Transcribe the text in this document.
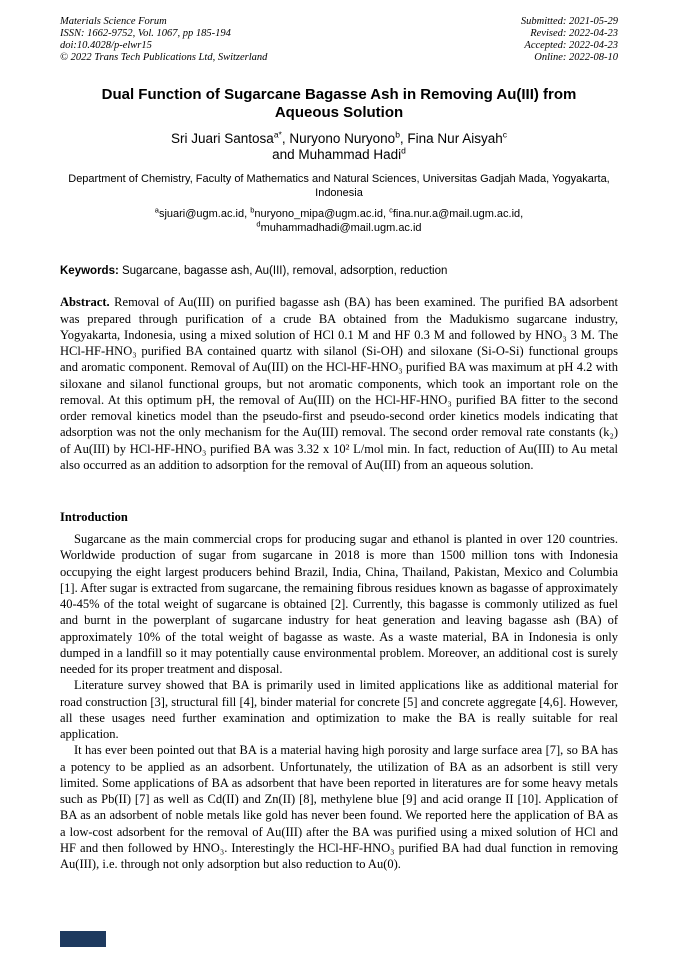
Materials Science Forum
ISSN: 1662-9752, Vol. 1067, pp 185-194
doi:10.4028/p-elwr15
© 2022 Trans Tech Publications Ltd, Switzerland
Submitted: 2021-05-29
Revised: 2022-04-23
Accepted: 2022-04-23
Online: 2022-08-10
Dual Function of Sugarcane Bagasse Ash in Removing Au(III) from Aqueous Solution
Sri Juari Santosa$^{a*}$, Nuryono Nuryono$^b$, Fina Nur Aisyah$^c$
and Muhammad Hadi$^d$
Department of Chemistry, Faculty of Mathematics and Natural Sciences, Universitas Gadjah Mada, Yogyakarta, Indonesia
$^a$sjuari@ugm.ac.id, $^b$nuryono_mipa@ugm.ac.id, $^c$fina.nur.a@mail.ugm.ac.id,
$^d$muhammadhadi@mail.ugm.ac.id
Keywords: Sugarcane, bagasse ash, Au(III), removal, adsorption, reduction

Abstract. Removal of Au(III) on purified bagasse ash (BA) has been examined. The purified BA adsorbent was prepared through purification of a crude BA obtained from the Madukismo sugarcane industry, Yogyakarta, Indonesia, using a mixed solution of HCl 0.1 M and HF 0.3 M and followed by HNO₃ 3 M. The HCl-HF-HNO₃ purified BA contained quartz with silanol (Si-OH) and siloxane (Si-O-Si) functional groups and aromatic component. Removal of Au(III) on the HCl-HF-HNO₃ purified BA was maximum at pH 4.2 with siloxane and silanol functional groups, but not aromatic components, which took an important role on the removal. At this optimum pH, the removal of Au(III) on the HCl-HF-HNO₃ purified BA fitter to the second order removal kinetics model than the pseudo-first and pseudo-second order kinetics models indicating that adsorption was not the only mechanism for the Au(III) removal. The second order removal rate constants (k₂) of Au(III) by HCl-HF-HNO₃ purified BA was 3.32 x 10² L/mol min. In fact, reduction of Au(III) to Au metal also occurred as an addition to adsorption for the removal of Au(III) from an aqueous solution.

Introduction

Sugarcane as the main commercial crops for producing sugar and ethanol is planted in over 120 countries. Worldwide production of sugar from sugarcane in 2018 is more than 1500 million tons with Indonesia occupying the eight largest producers behind Brazil, India, China, Thailand, Pakistan, Mexico and Columbia [1]. After sugar is extracted from sugarcane, the remaining fibrous residues known as bagasse of approximately 40-45% of the total weight of sugarcane is obtained [2]. Currently, this bagasse is commonly utilized as fuel and burnt in the powerplant of sugarcane industry for heat generation and leaving bagasse ash (BA) of approximately 10% of the total weight of bagasse as waste. As a waste material, BA in Indonesia is only dumped in a landfill so it may potentially cause environmental problem. Moreover, an additional cost is surely needed for its proper treatment and disposal.

Literature survey showed that BA is primarily used in limited applications like as additional material for road construction [3], structural fill [4], binder material for concrete [5] and concrete aggregate [4,6]. However, all these usages need further examination and optimization to make the BA is really suitable for real application.

It has ever been pointed out that BA is a material having high porosity and large surface area [7], so BA has a potency to be applied as an adsorbent. Unfortunately, the utilization of BA as an adsorbent is still very limited. Some applications of BA as adsorbent that have been reported in literatures are for some heavy metals such as Pb(II) [7] as well as Cd(II) and Zn(II) [8], methylene blue [9] and acid orange II [10]. Application of BA as an adsorbent of noble metals like gold has never been found. We reported here the application of BA as a low-cost adsorbent for the removal of Au(III) after the BA was purified using a mixed solution of HCl and HF and then followed by HNO₃. Interestingly the HCl-HF-HNO₃ purified BA had dual function in removing Au(III), i.e. through not only adsorption but also reduction to Au(0).
